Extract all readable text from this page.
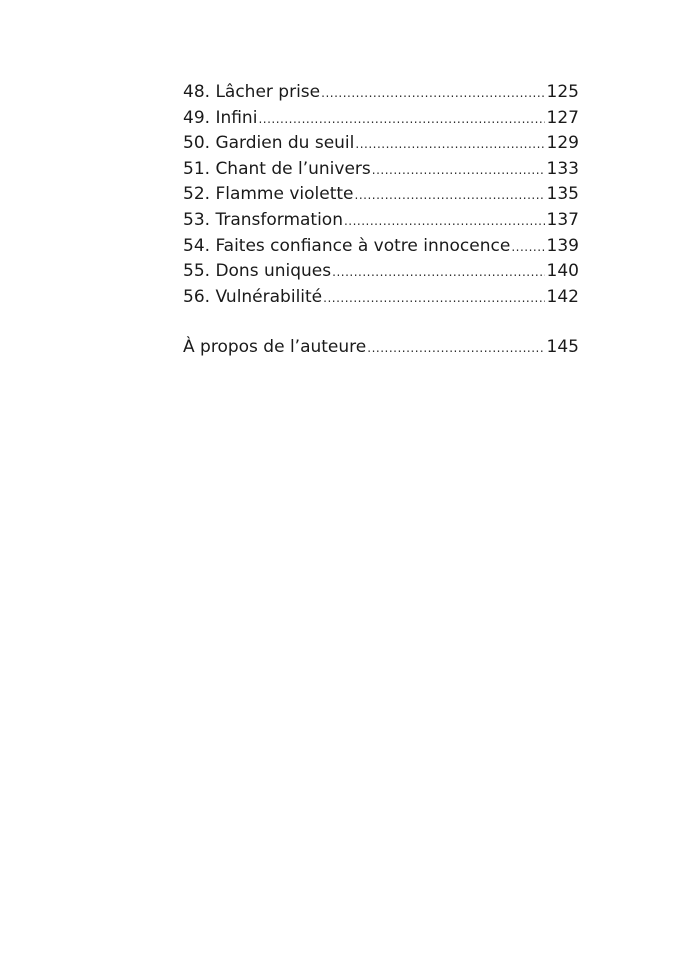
48. Lâcher prise .....	125
49. Infini .....	127
50. Gardien du seuil .....	129
51. Chant de l’univers .....	133
52. Flamme violette .....	135
53. Transformation .....	137
54. Faites confiance à votre innocence ..... 139
55. Dons uniques .....	140
56. Vulnérabilité .....	142
À propos de l’auteure .....	145
